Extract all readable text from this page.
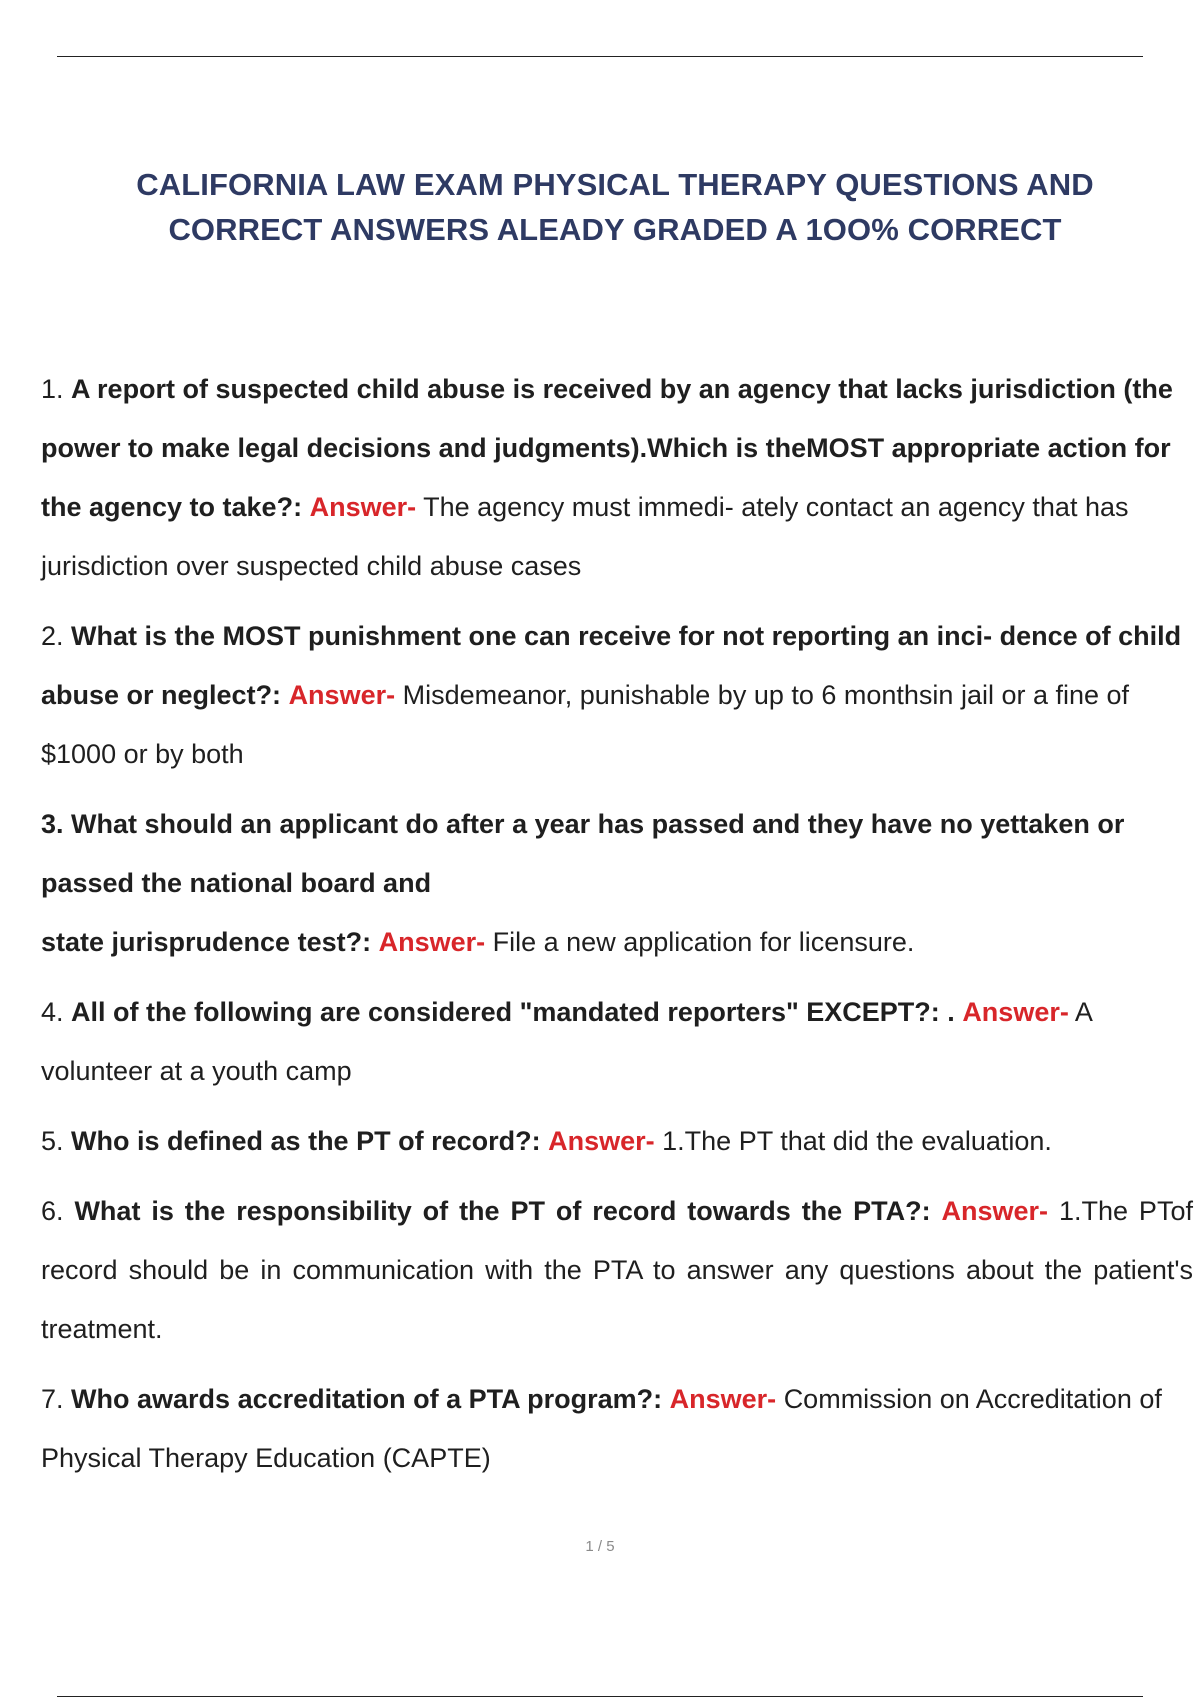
CALIFORNIA LAW EXAM PHYSICAL THERAPY QUESTIONS AND CORRECT ANSWERS ALEADY GRADED A 1OO% CORRECT
1. A report of suspected child abuse is received by an agency that lacks jurisdiction (the power to make legal decisions and judgments).Which is theMOST appropriate action for the agency to take?: Answer- The agency must immedi- ately contact an agency that has jurisdiction over suspected child abuse cases
2. What is the MOST punishment one can receive for not reporting an inci- dence of child abuse or neglect?: Answer- Misdemeanor, punishable by up to 6 monthsin jail or a fine of $1000 or by both
3. What should an applicant do after a year has passed and they have no yettaken or passed the national board and
state jurisprudence test?: Answer- File a new application for licensure.
4. All of the following are considered "mandated reporters" EXCEPT?: . Answer- A volunteer at a youth camp
5. Who is defined as the PT of record?: Answer- 1.The PT that did the evaluation.
6. What is the responsibility of the PT of record towards the PTA?: Answer- 1.The PTof record should be in communication with the PTA to answer any questions about the patient's treatment.
7. Who awards accreditation of a PTA program?: Answer- Commission on Accreditation of Physical Therapy Education (CAPTE)
1 / 5
